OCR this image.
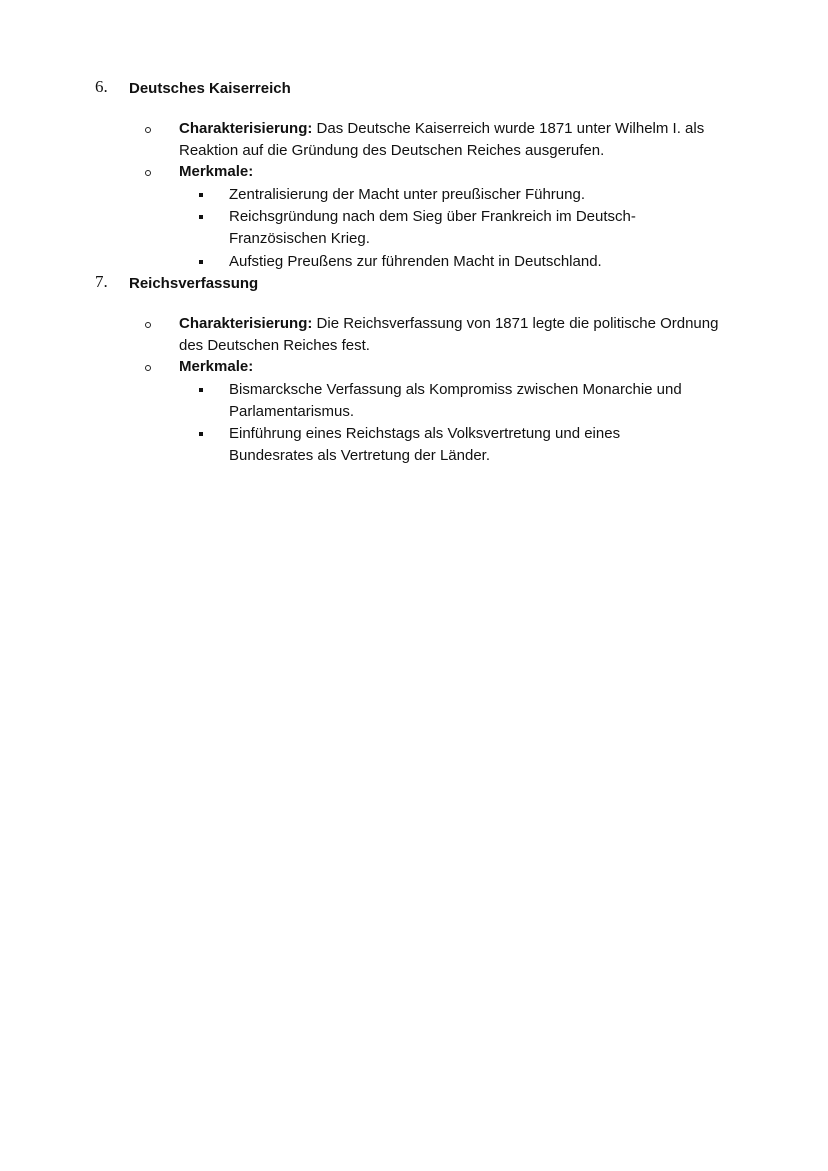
6. Deutsches Kaiserreich
Charakterisierung: Das Deutsche Kaiserreich wurde 1871 unter Wilhelm I. als Reaktion auf die Gründung des Deutschen Reiches ausgerufen.
Merkmale:
Zentralisierung der Macht unter preußischer Führung.
Reichsgründung nach dem Sieg über Frankreich im Deutsch-Französischen Krieg.
Aufstieg Preußens zur führenden Macht in Deutschland.
7. Reichsverfassung
Charakterisierung: Die Reichsverfassung von 1871 legte die politische Ordnung des Deutschen Reiches fest.
Merkmale:
Bismarcksche Verfassung als Kompromiss zwischen Monarchie und Parlamentarismus.
Einführung eines Reichstags als Volksvertretung und eines Bundesrates als Vertretung der Länder.
